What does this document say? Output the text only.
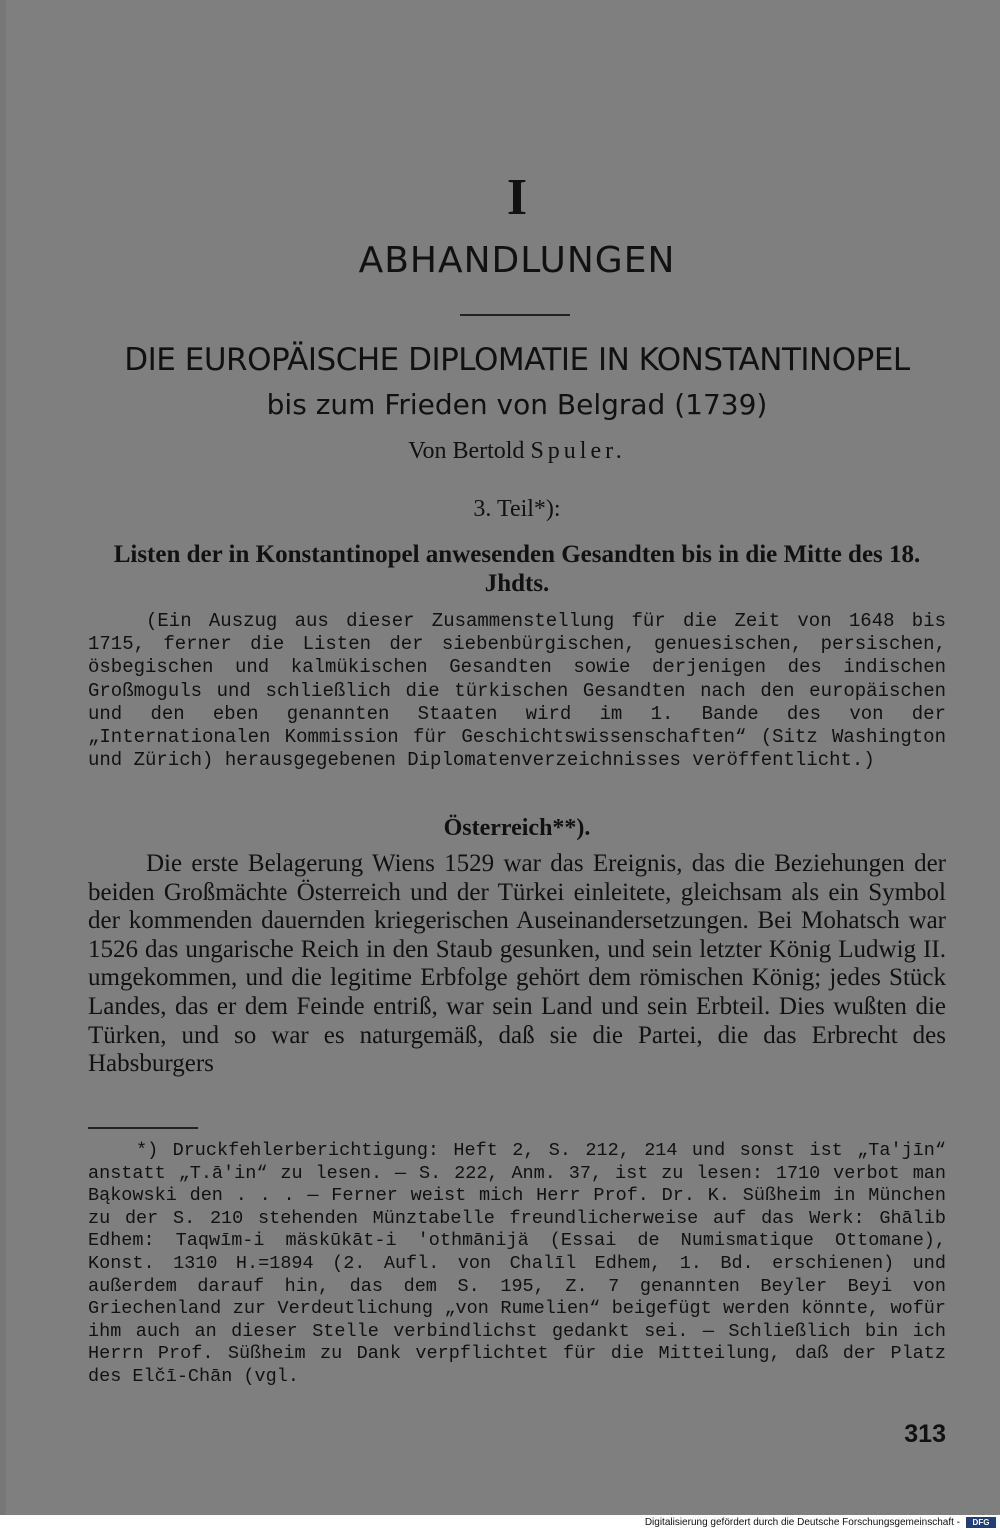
I
ABHANDLUNGEN
DIE EUROPÄISCHE DIPLOMATIE IN KONSTANTINOPEL
bis zum Frieden von Belgrad (1739)
Von Bertold Spuler.
3. Teil*):
Listen der in Konstantinopel anwesenden Gesandten bis in die Mitte des 18. Jhdts.
(Ein Auszug aus dieser Zusammenstellung für die Zeit von 1648 bis 1715, ferner die Listen der siebenbürgischen, genuesischen, persischen, ösbegischen und kalmükischen Gesandten sowie derjenigen des indischen Großmoguls und schließlich die türkischen Gesandten nach den europäischen und den eben genannten Staaten wird im 1. Bande des von der „Internationalen Kommission für Geschichtswissenschaften“ (Sitz Washington und Zürich) herausgegebenen Diplomatenverzeichnisses veröffentlicht.)
Österreich**).
Die erste Belagerung Wiens 1529 war das Ereignis, das die Beziehungen der beiden Großmächte Österreich und der Türkei einleitete, gleichsam als ein Symbol der kommenden dauernden kriegerischen Auseinandersetzungen. Bei Mohatsch war 1526 das ungarische Reich in den Staub gesunken, und sein letzter König Ludwig II. umgekommen, und die legitime Erbfolge gehört dem römischen König; jedes Stück Landes, das er dem Feinde entriß, war sein Land und sein Erbteil. Dies wußten die Türken, und so war es naturgemäß, daß sie die Partei, die das Erbrecht des Habsburgers
*) Druckfehlerberichtigung: Heft 2, S. 212, 214 und sonst ist „Ta'jīn“ anstatt „T.ā'in“ zu lesen. — S. 222, Anm. 37, ist zu lesen: 1710 verbot man Bąkowski den . . . — Ferner weist mich Herr Prof. Dr. K. Süßheim in München zu der S. 210 stehenden Münztabelle freundlicherweise auf das Werk: Ghālib Edhem: Taqwīm-i mäskūkāt-i 'othmānijä (Essai de Numismatique Ottomane), Konst. 1310 H.=1894 (2. Aufl. von Chalīl Edhem, 1. Bd. erschienen) und außerdem darauf hin, das dem S. 195, Z. 7 genannten Beyler Beyi von Griechenland zur Verdeutlichung „von Rumelien“ beigefügt werden könnte, wofür ihm auch an dieser Stelle verbindlichst gedankt sei. — Schließlich bin ich Herrn Prof. Süßheim zu Dank verpflichtet für die Mitteilung, daß der Platz des Elčī-Chān (vgl.
313
Digitalisierung gefördert durch die Deutsche Forschungsgemeinschaft -	DFG
